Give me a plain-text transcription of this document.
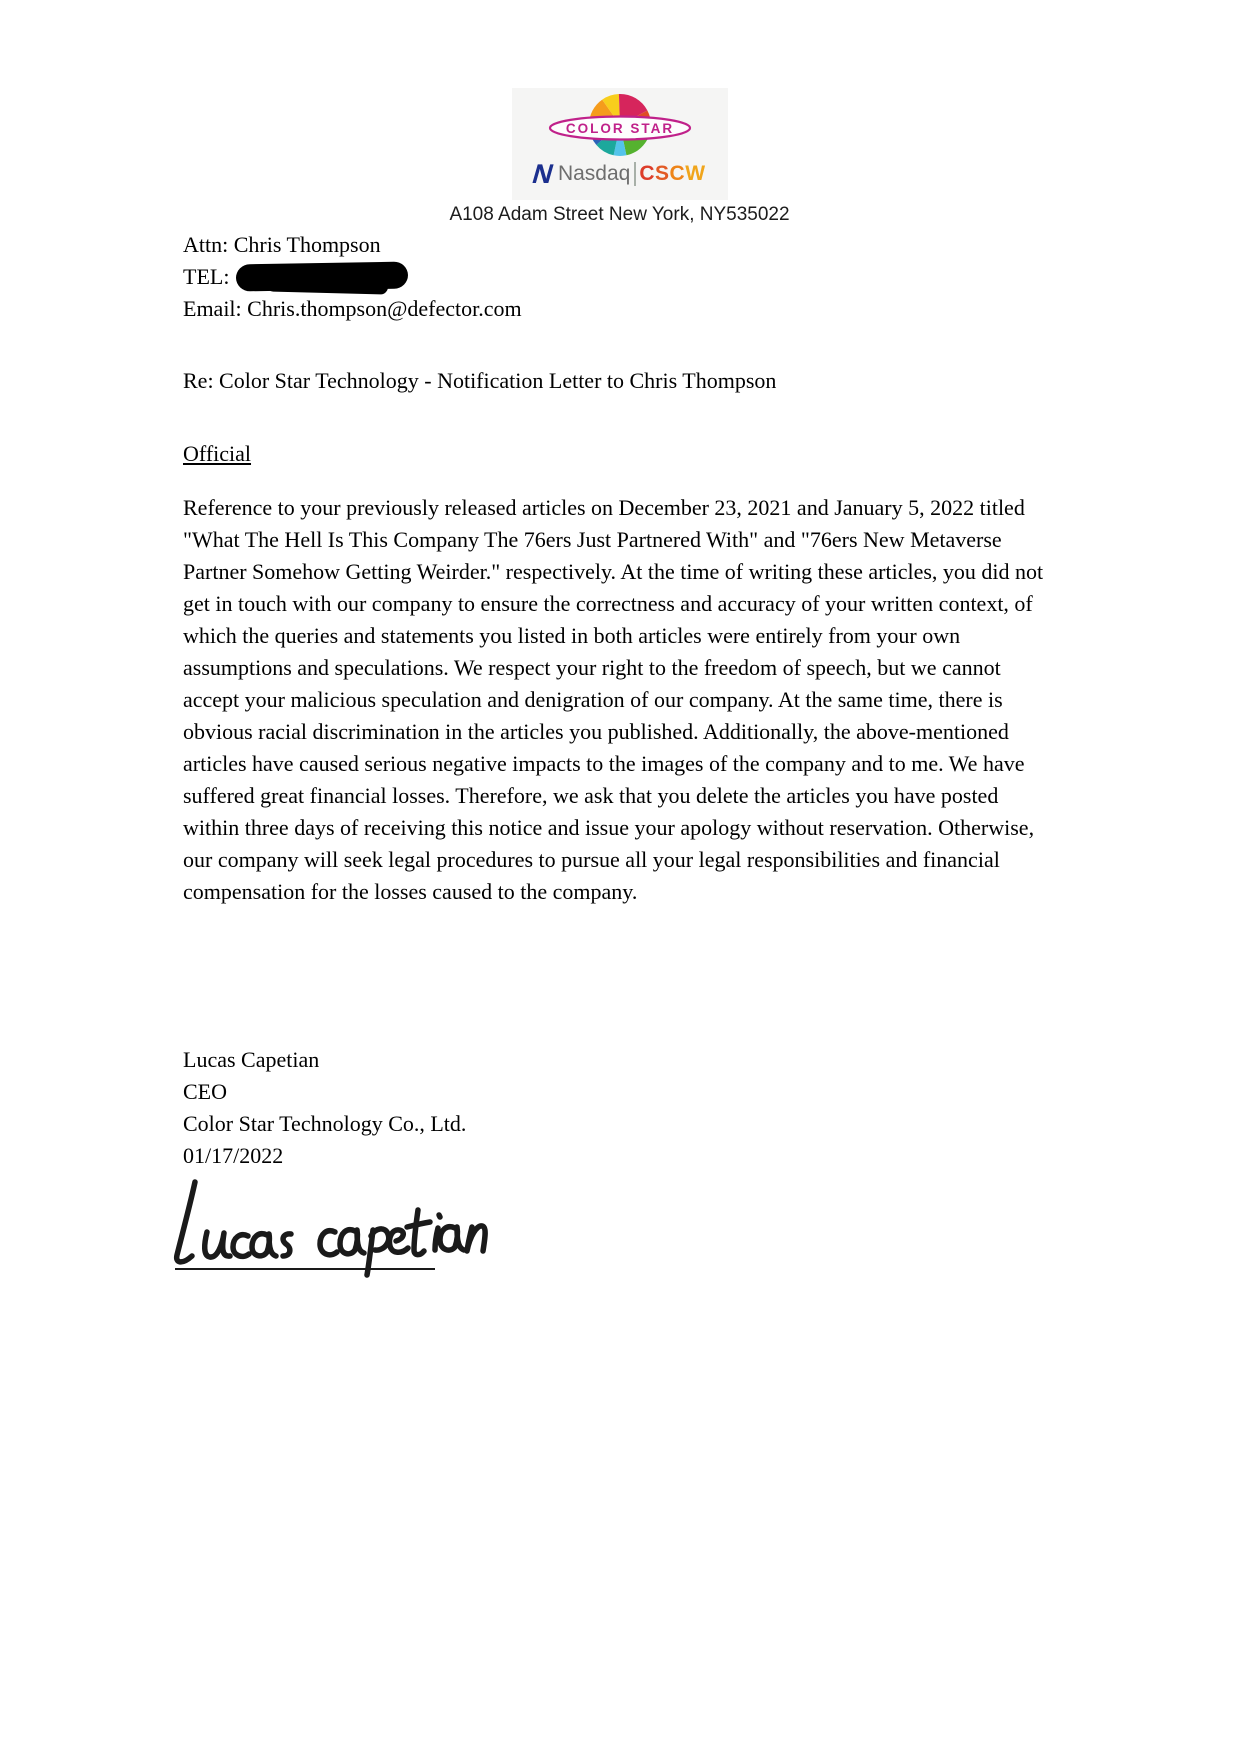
COLOR STAR
N Nasdaq CSCW
A108 Adam Street New York, NY535022
Attn: Chris Thompson
TEL:
Email: Chris.thompson@defector.com
Re: Color Star Technology - Notification Letter to Chris Thompson
Official
Reference to your previously released articles on December 23, 2021 and January 5, 2022 titled "What The Hell Is This Company The 76ers Just Partnered With" and "76ers New Metaverse Partner Somehow Getting Weirder." respectively. At the time of writing these articles, you did not get in touch with our company to ensure the correctness and accuracy of your written context, of which the queries and statements you listed in both articles were entirely from your own assumptions and speculations. We respect your right to the freedom of speech, but we cannot accept your malicious speculation and denigration of our company. At the same time, there is obvious racial discrimination in the articles you published. Additionally, the above-mentioned articles have caused serious negative impacts to the images of the company and to me. We have suffered great financial losses. Therefore, we ask that you delete the articles you have posted within three days of receiving this notice and issue your apology without reservation. Otherwise, our company will seek legal procedures to pursue all your legal responsibilities and financial compensation for the losses caused to the company.
Lucas Capetian
CEO
Color Star Technology Co., Ltd.
01/17/2022
